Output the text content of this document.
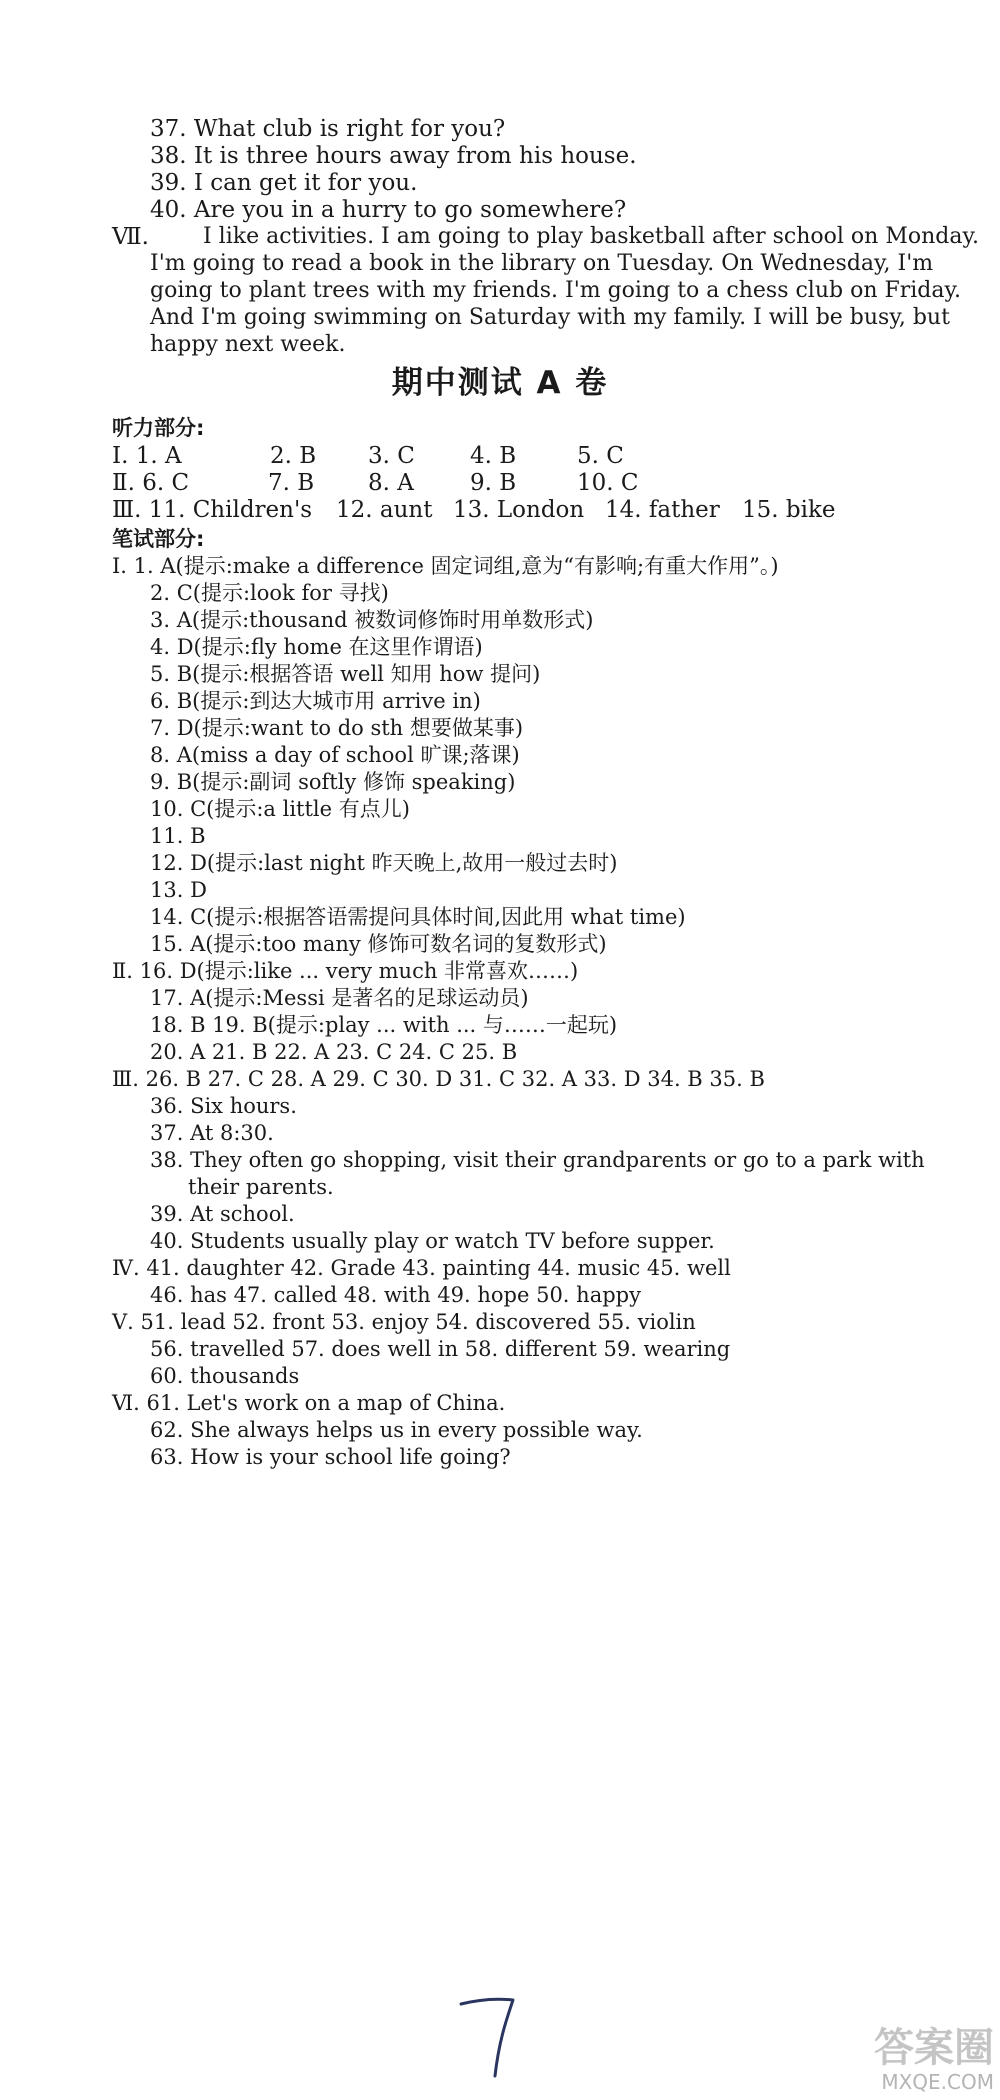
37. What club is right for you?
38. It is three hours away from his house.
39. I can get it for you.
40. Are you in a hurry to go somewhere?
Ⅶ. I like activities. I am going to play basketball after school on Monday.
I'm going to read a book in the library on Tuesday. On Wednesday, I'm
going to plant trees with my friends. I'm going to a chess club on Friday.
And I'm going swimming on Saturday with my family. I will be busy, but
happy next week.
期中测试 A 卷
听力部分:
Ⅰ. 1. A	2. B 3. C 4. B	5. C
Ⅱ. 6. C	7. B 8. A 9. B	10. C
Ⅲ. 11. Children's 12. aunt 13. London 14. father 15. bike
笔试部分:
Ⅰ. 1. A(提示:make a difference 固定词组,意为“有影响;有重大作用”。)
2. C(提示:look for 寻找)
3. A(提示:thousand 被数词修饰时用单数形式)
4. D(提示:fly home 在这里作谓语)
5. B(提示:根据答语 well 知用 how 提问)
6. B(提示:到达大城市用 arrive in)
7. D(提示:want to do sth 想要做某事)
8. A(miss a day of school 旷课;落课)
9. B(提示:副词 softly 修饰 speaking)
10. C(提示:a little 有点儿)
11. B
12. D(提示:last night 昨天晚上,故用一般过去时)
13. D
14. C(提示:根据答语需提问具体时间,因此用 what time)
15. A(提示:too many 修饰可数名词的复数形式)
Ⅱ. 16. D(提示:like ... very much 非常喜欢……)
17. A(提示:Messi 是著名的足球运动员)
18. B 19. B(提示:play ... with ... 与……一起玩)
20. A 21. B 22. A 23. C 24. C 25. B
Ⅲ. 26. B 27. C 28. A 29. C 30. D 31. C 32. A 33. D 34. B 35. B
36. Six hours.
37. At 8:30.
38. They often go shopping, visit their grandparents or go to a park with
their parents.
39. At school.
40. Students usually play or watch TV before supper.
Ⅳ. 41. daughter 42. Grade 43. painting 44. music 45. well
46. has 47. called 48. with 49. hope 50. happy
Ⅴ. 51. lead 52. front 53. enjoy 54. discovered 55. violin
56. travelled 57. does well in 58. different 59. wearing
60. thousands
Ⅵ. 61. Let's work on a map of China.
62. She always helps us in every possible way.
63. How is your school life going?
答案圈
MXQE.COM
